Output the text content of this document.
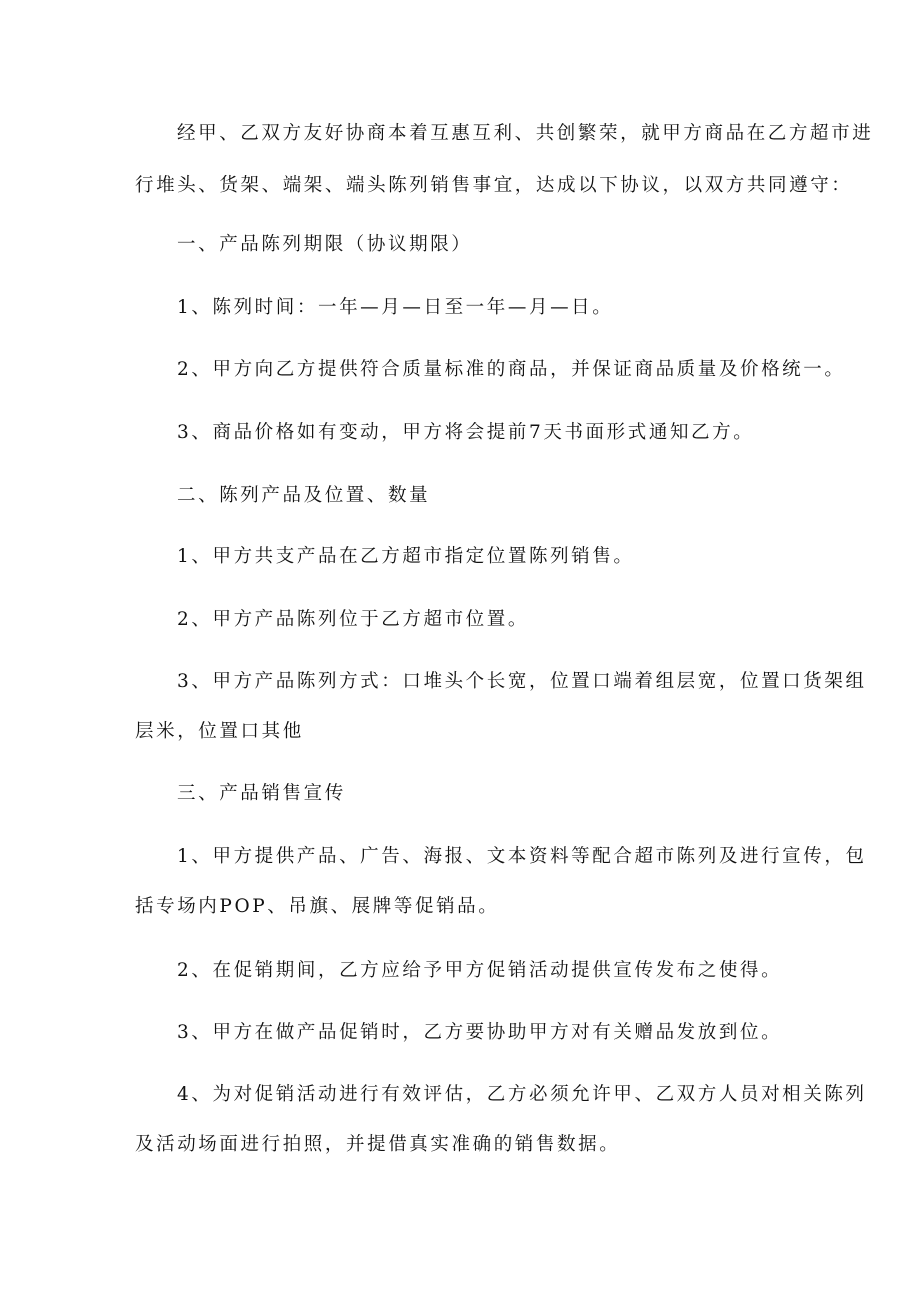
经甲、乙双方友好协商本着互惠互利、共创繁荣，就甲方商品在乙方超市进
行堆头、货架、端架、端头陈列销售事宜，达成以下协议，以双方共同遵守：
一、产品陈列期限（协议期限）
1、陈列时间：一年—月—日至一年—月—日。
2、甲方向乙方提供符合质量标准的商品，并保证商品质量及价格统一。
3、商品价格如有变动，甲方将会提前7天书面形式通知乙方。
二、陈列产品及位置、数量
1、甲方共支产品在乙方超市指定位置陈列销售。
2、甲方产品陈列位于乙方超市位置。
3、甲方产品陈列方式：口堆头个长宽，位置口端着组层宽，位置口货架组
层米，位置口其他
三、产品销售宣传
1、甲方提供产品、广告、海报、文本资料等配合超市陈列及进行宣传，包
括专场内POP、吊旗、展牌等促销品。
2、在促销期间，乙方应给予甲方促销活动提供宣传发布之使得。
3、甲方在做产品促销时，乙方要协助甲方对有关赠品发放到位。
4、为对促销活动进行有效评估，乙方必须允许甲、乙双方人员对相关陈列
及活动场面进行拍照，并提借真实准确的销售数据。
